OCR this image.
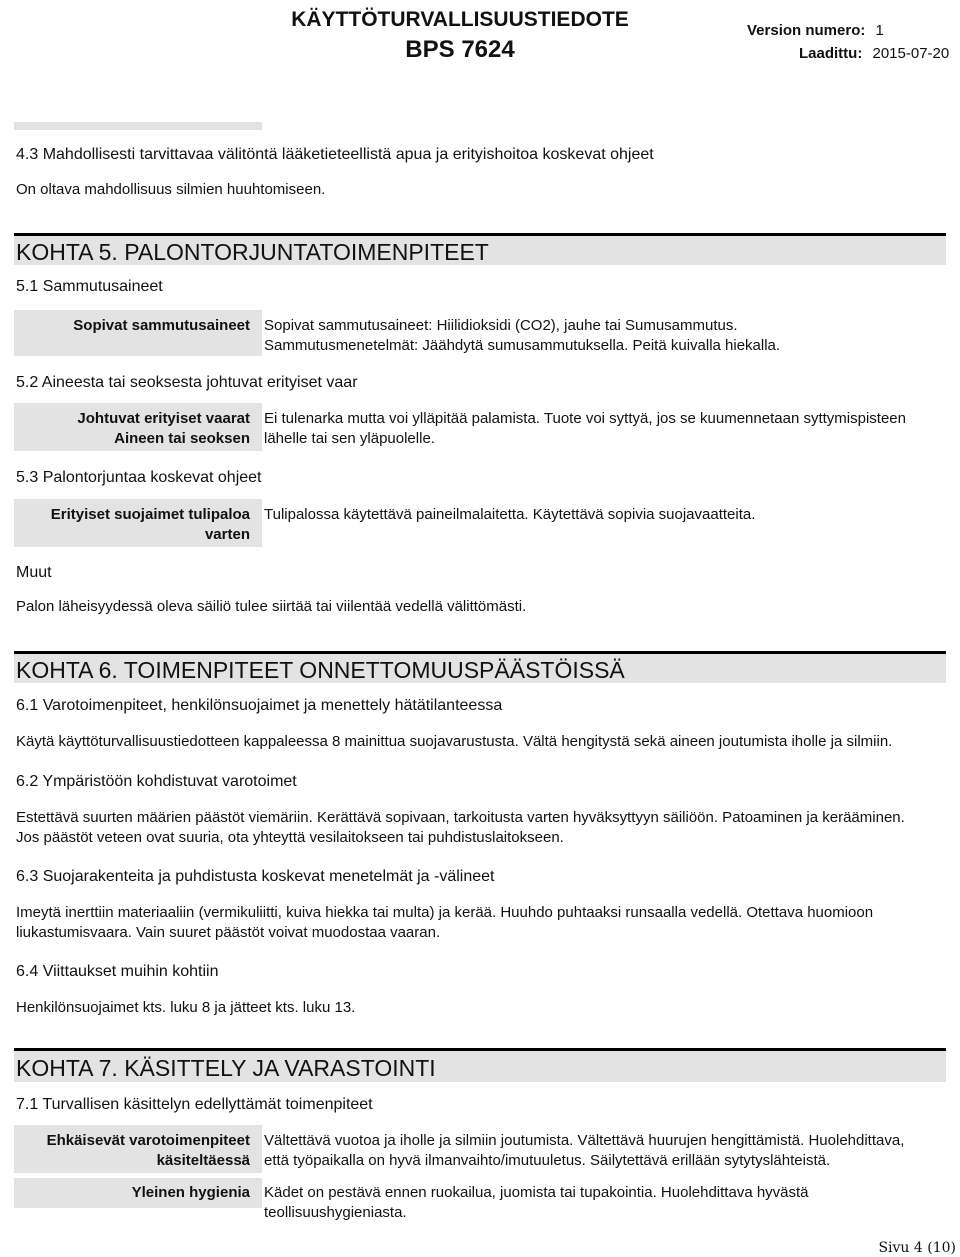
KÄYTTÖTURVALLISUUSTIEDOTE
BPS 7624
Version numero: 1
Laadittu: 2015-07-20
4.3 Mahdollisesti tarvittavaa välitöntä lääketieteellistä apua ja erityishoitoa koskevat ohjeet
On oltava mahdollisuus silmien huuhtomiseen.
KOHTA 5. PALONTORJUNTATOIMENPITEET
5.1 Sammutusaineet
Sopivat sammutusaineet Sopivat sammutusaineet: Hiilidioksidi (CO2), jauhe tai Sumusammutus.
Sammutusmenetelmät: Jäähdytä sumusammutuksella. Peitä kuivalla hiekalla.
5.2 Aineesta tai seoksesta johtuvat erityiset vaar
Johtuvat erityiset vaarat
Aineen tai seoksen
Ei tulenarka mutta voi ylläpitää palamista. Tuote voi syttyä, jos se kuumennetaan syttymispisteen
lähelle tai sen yläpuolelle.
5.3 Palontorjuntaa koskevat ohjeet
Erityiset suojaimet tulipaloa
varten
Tulipalossa käytettävä paineilmalaitetta. Käytettävä sopivia suojavaatteita.
Muut
Palon läheisyydessä oleva säiliö tulee siirtää tai viilentää vedellä välittömästi.
KOHTA 6. TOIMENPITEET ONNETTOMUUSPÄÄSTÖISSÄ
6.1 Varotoimenpiteet, henkilönsuojaimet ja menettely hätätilanteessa
Käytä käyttöturvallisuustiedotteen kappaleessa 8 mainittua suojavarustusta. Vältä hengitystä sekä aineen joutumista iholle ja silmiin.
6.2 Ympäristöön kohdistuvat varotoimet
Estettävä suurten määrien päästöt viemäriin. Kerättävä sopivaan, tarkoitusta varten hyväksyttyyn säiliöön. Patoaminen ja kerääminen.
Jos päästöt veteen ovat suuria, ota yhteyttä vesilaitokseen tai puhdistuslaitokseen.
6.3 Suojarakenteita ja puhdistusta koskevat menetelmät ja -välineet
Imeytä inerttiin materiaaliin (vermikuliitti, kuiva hiekka tai multa) ja kerää. Huuhdo puhtaaksi runsaalla vedellä. Otettava huomioon
liukastumisvaara. Vain suuret päästöt voivat muodostaa vaaran.
6.4 Viittaukset muihin kohtiin
Henkilönsuojaimet kts. luku 8 ja jätteet kts. luku 13.
KOHTA 7. KÄSITTELY JA VARASTOINTI
7.1 Turvallisen käsittelyn edellyttämät toimenpiteet
Ehkäisevät varotoimenpiteet
käsiteltäessä
Vältettävä vuotoa ja iholle ja silmiin joutumista. Vältettävä huurujen hengittämistä. Huolehdittava,
että työpaikalla on hyvä ilmanvaihto/imutuuletus. Säilytettävä erillään sytytyslähteistä.
Yleinen hygienia Kädet on pestävä ennen ruokailua, juomista tai tupakointia. Huolehdittava hyvästä
teollisuushygieniasta.
Sivu 4 (10)
